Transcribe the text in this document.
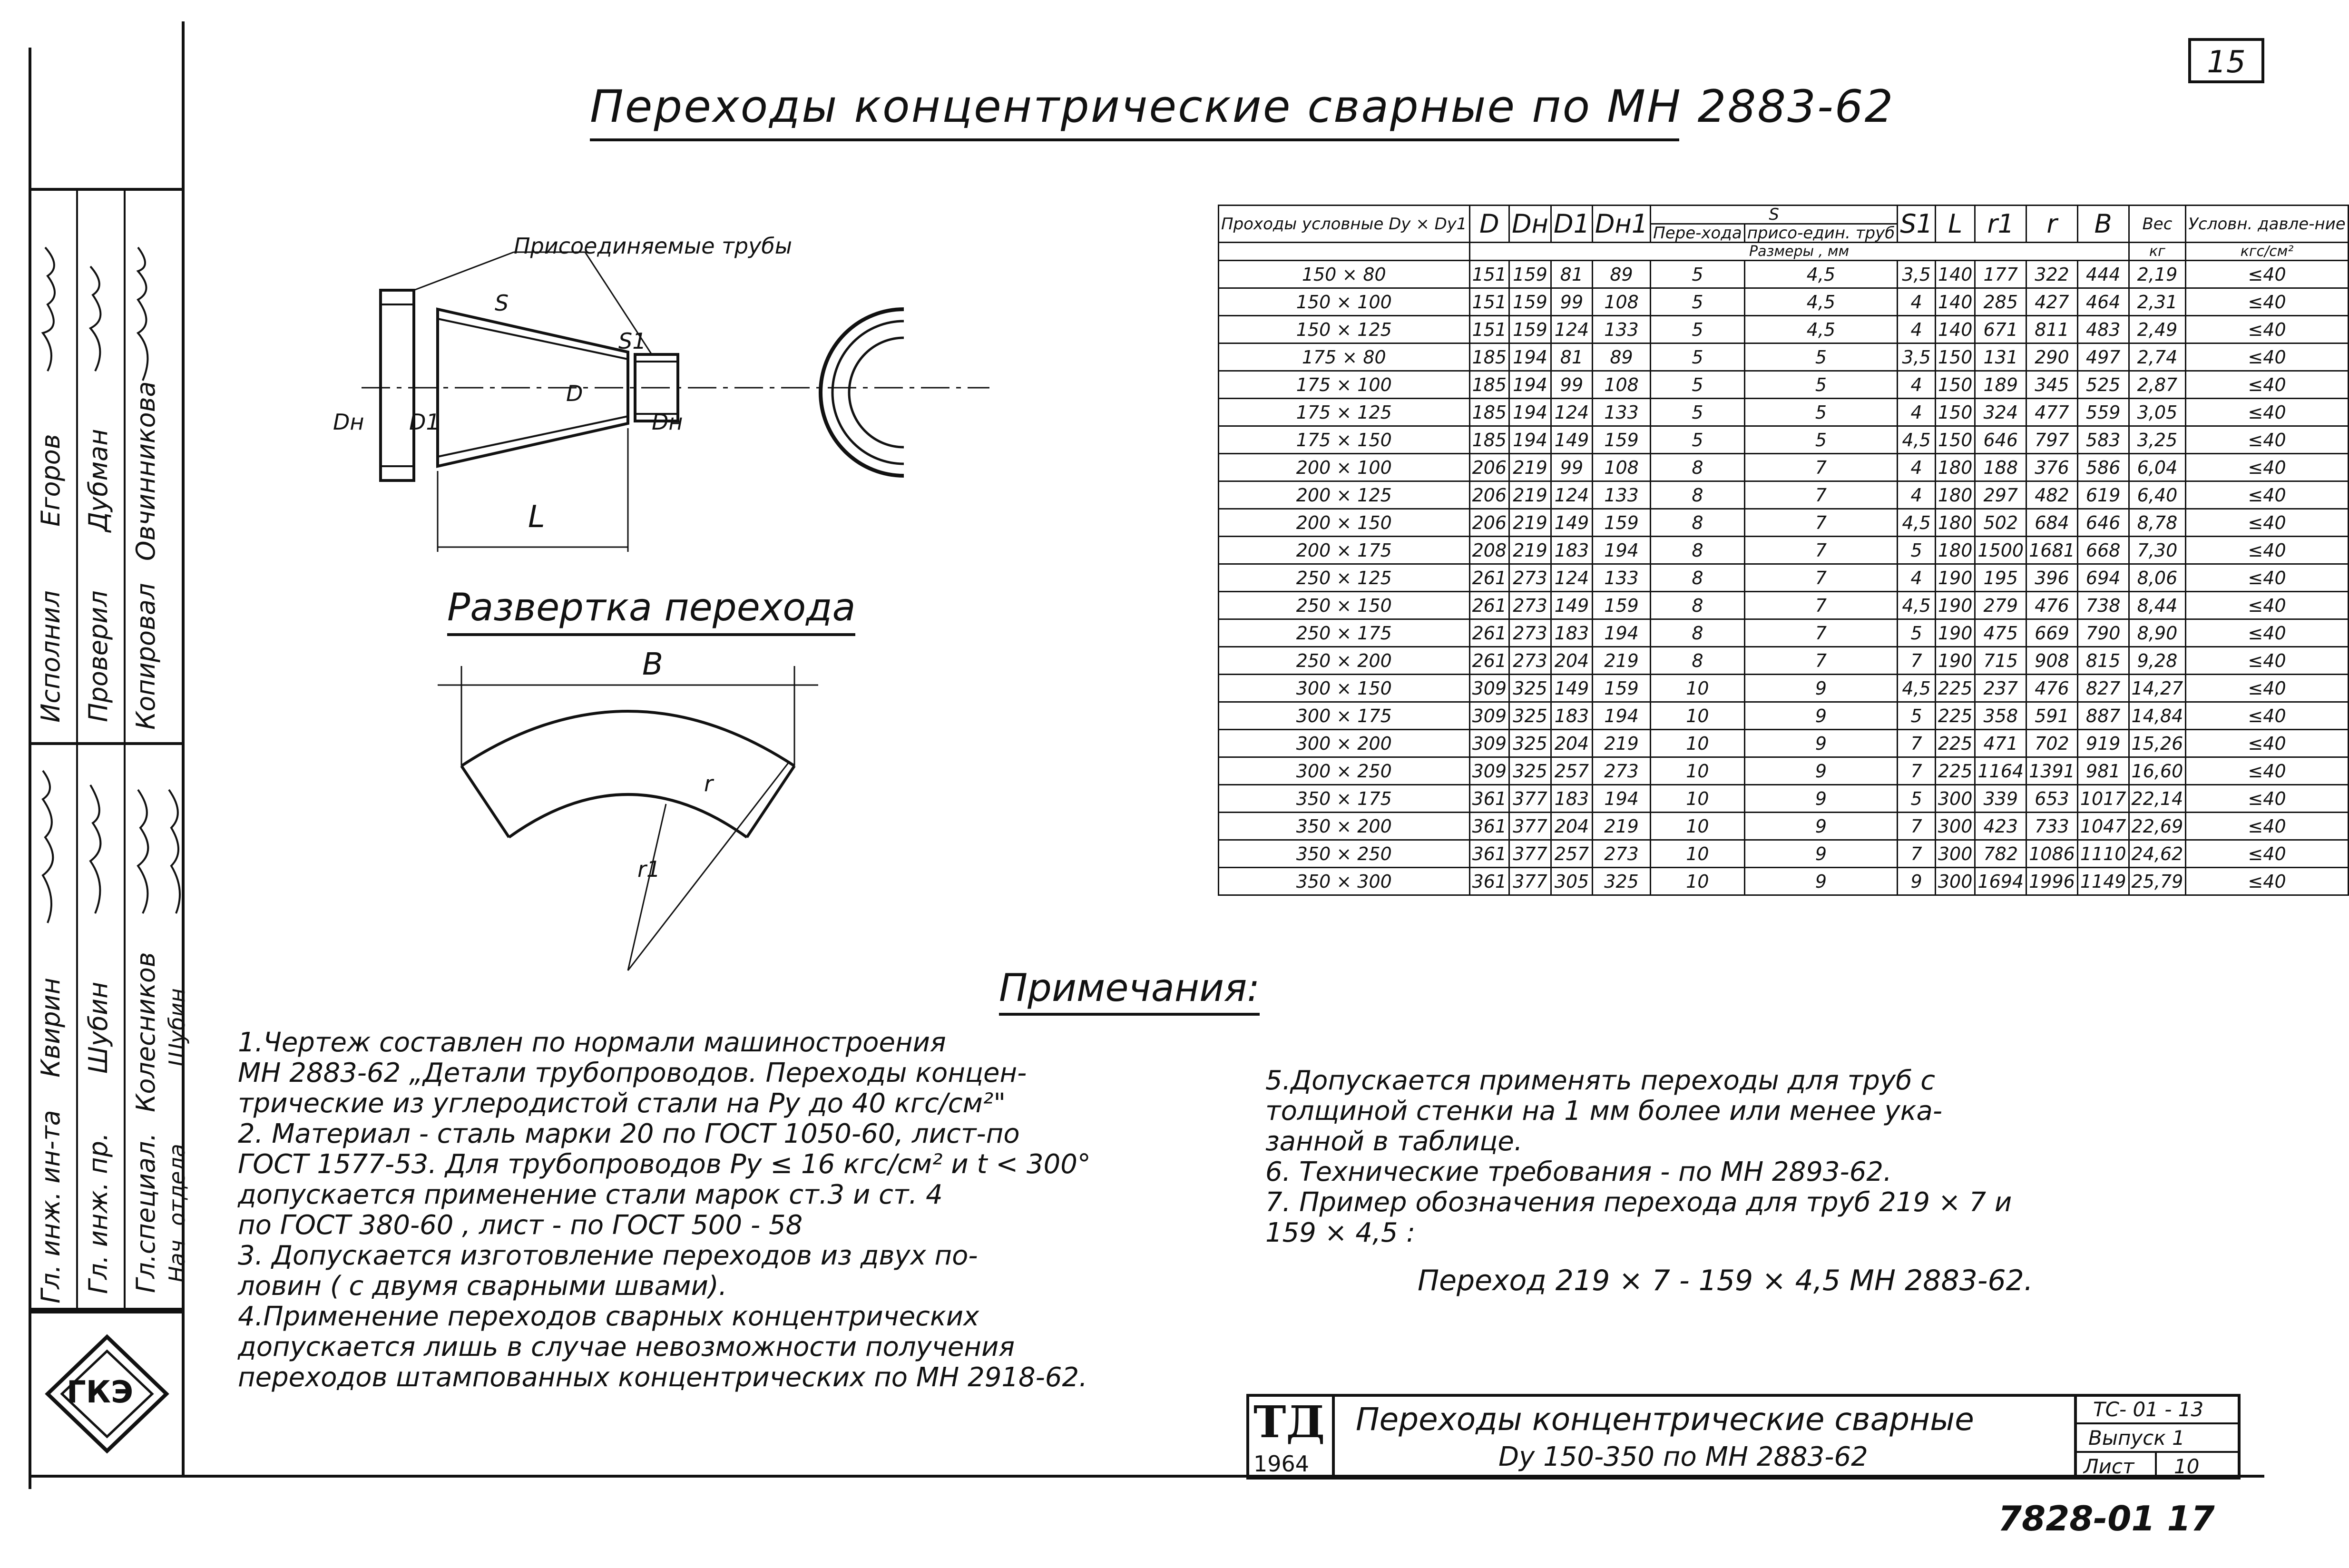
15
Переходы концентрические сварные по МН 2883-62
Присоединяемые трубы
L
S
S1
D
Dн D1	Dн
Развертка перехода
B
r1
r
Проходы условные Dу × Dу1	D	Dн	D1	Dн1	S		S1	L	r1	r	B	Вес	Условн. давле-ние
					Пере-хода	присо-един. труб							
	Размеры , мм											кг	кгс/см²
150 × 80	151	159	81	89	5	4,5	3,5	140	177	322	444	2,19	≤40
150 × 100	151	159	99	108	5	4,5	4	140	285	427	464	2,31	≤40
150 × 125	151	159	124	133	5	4,5	4	140	671	811	483	2,49	≤40
175 × 80	185	194	81	89	5	5	3,5	150	131	290	497	2,74	≤40
175 × 100	185	194	99	108	5	5	4	150	189	345	525	2,87	≤40
175 × 125	185	194	124	133	5	5	4	150	324	477	559	3,05	≤40
175 × 150	185	194	149	159	5	5	4,5	150	646	797	583	3,25	≤40
200 × 100	206	219	99	108	8	7	4	180	188	376	586	6,04	≤40
200 × 125	206	219	124	133	8	7	4	180	297	482	619	6,40	≤40
200 × 150	206	219	149	159	8	7	4,5	180	502	684	646	8,78	≤40
200 × 175	208	219	183	194	8	7	5	180	1500	1681	668	7,30	≤40
250 × 125	261	273	124	133	8	7	4	190	195	396	694	8,06	≤40
250 × 150	261	273	149	159	8	7	4,5	190	279	476	738	8,44	≤40
250 × 175	261	273	183	194	8	7	5	190	475	669	790	8,90	≤40
250 × 200	261	273	204	219	8	7	7	190	715	908	815	9,28	≤40
300 × 150	309	325	149	159	10	9	4,5	225	237	476	827	14,27	≤40
300 × 175	309	325	183	194	10	9	5	225	358	591	887	14,84	≤40
300 × 200	309	325	204	219	10	9	7	225	471	702	919	15,26	≤40
300 × 250	309	325	257	273	10	9	7	225	1164	1391	981	16,60	≤40
350 × 175	361	377	183	194	10	9	5	300	339	653	1017	22,14	≤40
350 × 200	361	377	204	219	10	9	7	300	423	733	1047	22,69	≤40
350 × 250	361	377	257	273	10	9	7	300	782	1086	1110	24,62	≤40
350 × 300	361	377	305	325	10	9	9	300	1694	1996	1149	25,79	≤40
Примечания:
1.Чертеж составлен по нормали машиностроения
МН 2883-62 „Детали трубопроводов. Переходы концен-
трические из углеродистой стали на Ру до 40 кгс/см²"
2. Материал - сталь марки 20 по ГОСТ 1050-60, лист-по
ГОСТ 1577-53. Для трубопроводов Ру ≤ 16 кгс/см² и t < 300°
допускается применение стали марок ст.3 и ст. 4
по ГОСТ 380-60 , лист - по ГОСТ 500 - 58
3. Допускается изготовление переходов из двух по-
ловин ( с двумя сварными швами).
4.Применение переходов сварных концентрических
допускается лишь в случае невозможности получения
переходов штампованных концентрических по МН 2918-62.
5.Допускается применять переходы для труб с
толщиной стенки на 1 мм более или менее ука-
занной в таблице.
6. Технические требования - по МН 2893-62.
7. Пример обозначения перехода для труб 219 × 7 и
159 × 4,5 :
Переход 219 × 7 - 159 × 4,5 МН 2883-62.
ТД
1964
Переходы концентрические сварные
Dу 150-350 по МН 2883-62
ТС- 01 - 13
Выпуск 1
Лист 10
7828-01 17
Исполнил Проверил Копировал
Егоров Дубман Овчинникова
Гл. инж. ин-та Гл. инж. пр. Гл.специал. Нач. отдела
Квирин Шубин Колесников Шубин
ГКЭ
